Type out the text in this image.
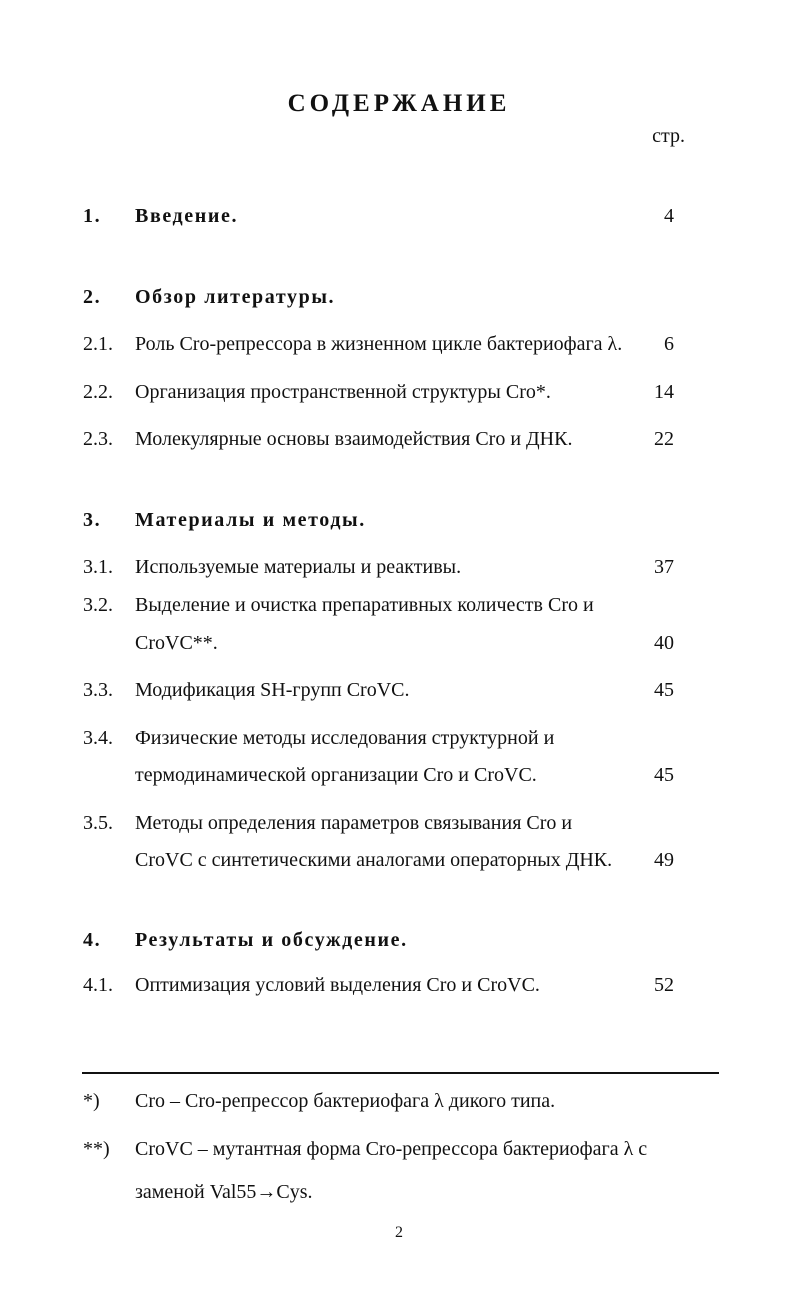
СОДЕРЖАНИЕ
стр.
1. Введение.	4
2. Обзор литературы.
2.1. Роль Cro-репрессора в жизненном цикле бактериофага λ. 6
2.2. Организация пространственной структуры Cro*.	14
2.3. Молекулярные основы взаимодействия Cro и ДНК.	22
3. Материалы и методы.
3.1. Используемые материалы и реактивы.	37
3.2. Выделение и очистка препаративных количеств Cro и
CroVC**.	40
3.3. Модификация SH-групп CroVC.	45
3.4. Физические методы исследования структурной и
термодинамической организации Cro и CroVC.	45
3.5. Методы определения параметров связывания Cro и
CroVC с синтетическими аналогами операторных ДНК. 49
4. Результаты и обсуждение.
4.1. Оптимизация условий выделения Cro и CroVC.	52
*) Cro – Cro-репрессор бактериофага λ дикого типа.
**) CroVC – мутантная форма Cro-репрессора бактериофага λ с
заменой Val55→Cys.
2
